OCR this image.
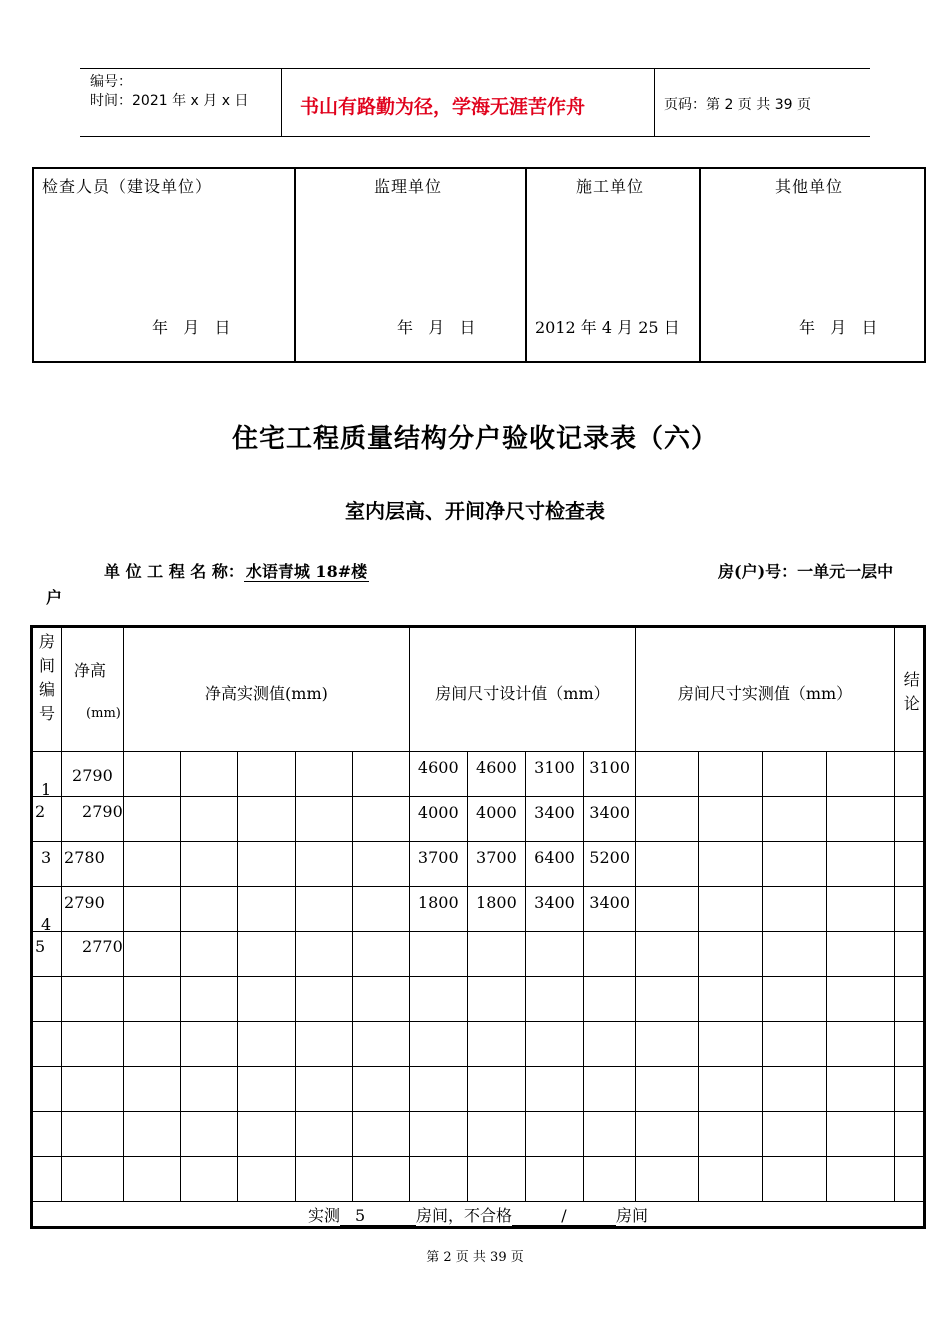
编号：
时间：2021 年 x 月 x 日	书山有路勤为径，学海无涯苦作舟	页码：第 2 页 共 39 页
检查人员（建设单位）
年   月   日

监理单位
年   月   日

施工单位
2012 年 4 月 25 日

其他单位
年   月   日
住宅工程质量结构分户验收记录表（六）
室内层高、开间净尺寸检查表
单 位 工 程 名 称： 水语青城 18#楼	房(户)号：一单元一层中
户
房间编号	净高
(mm)	净高实测值(mm)					房间尺寸设计值（mm）				房间尺寸实测值（mm）				结论

1	2790						4600	4600	3100	3100					

2	2790						4000	4000	3400	3400					

3	2780						3700	3700	6400	5200					

4	2790						1800	1800	3400	3400					

5	2770														

实测 5 房间，不合格 / 房间															
第 2 页 共 39 页
